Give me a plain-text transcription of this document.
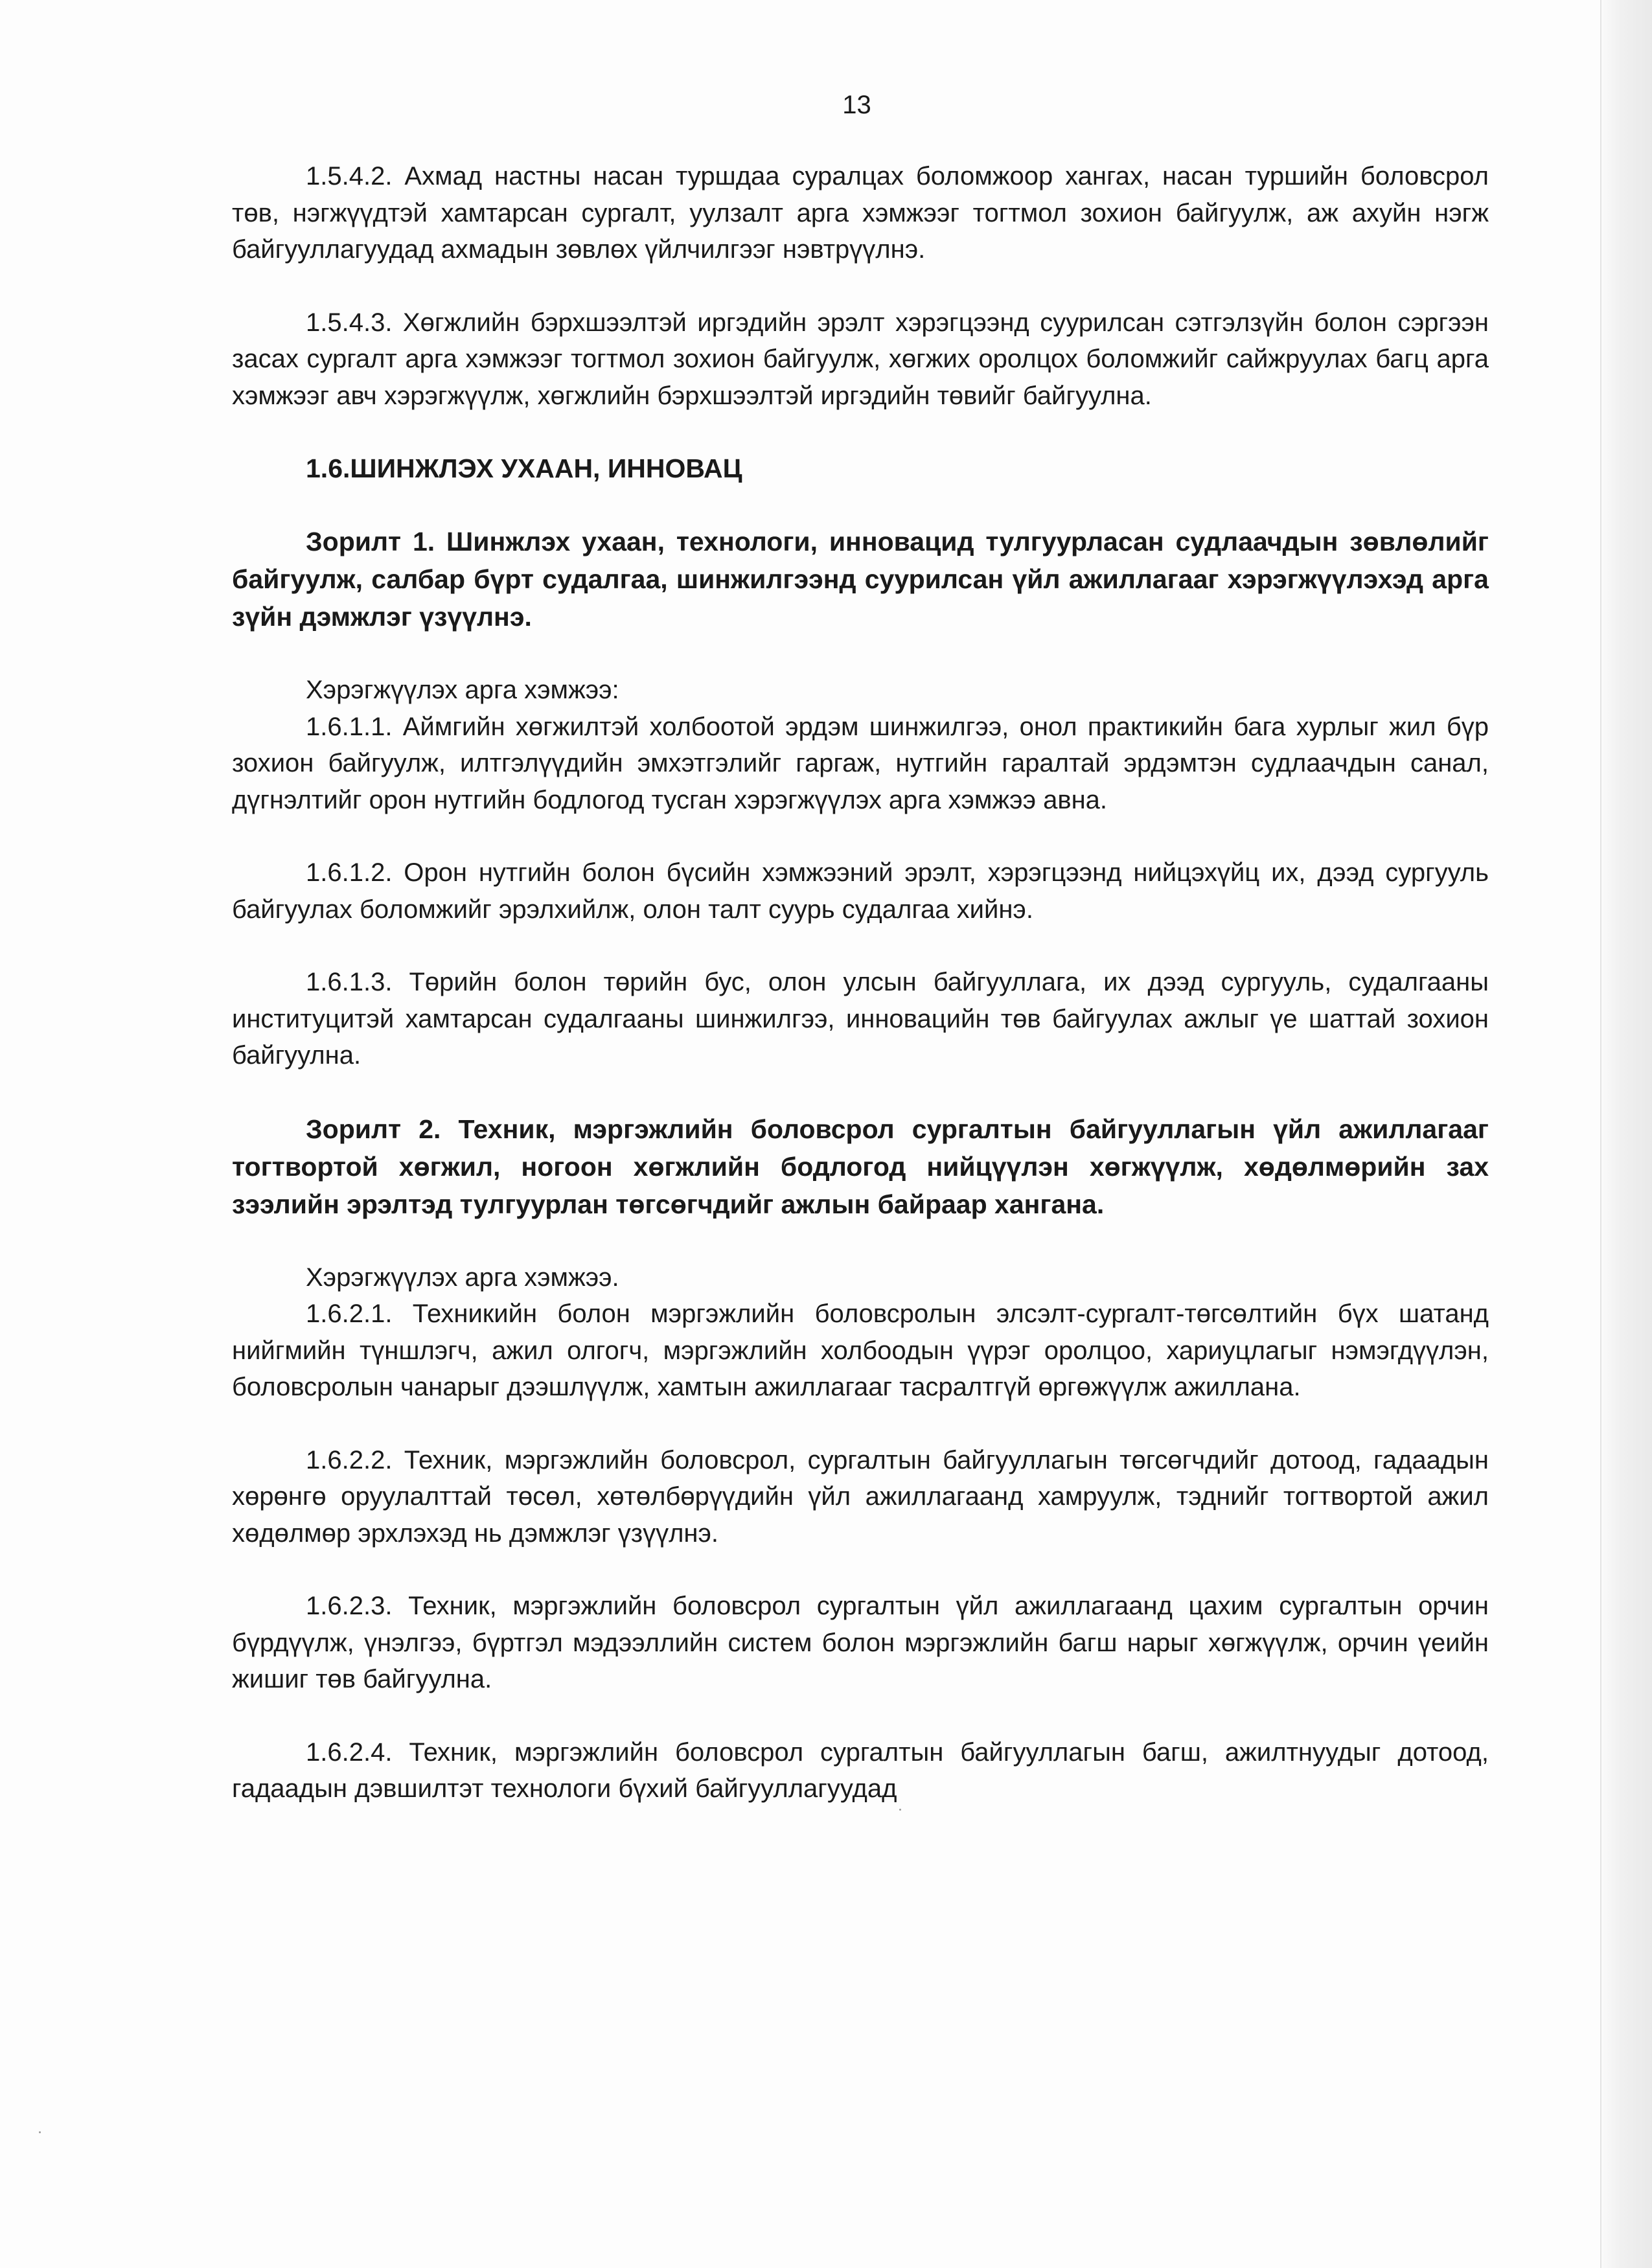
13

1.5.4.2. Ахмад настны насан туршдаа суралцах боломжоор хангах, насан туршийн боловсрол төв, нэгжүүдтэй хамтарсан сургалт, уулзалт арга хэмжээг тогтмол зохион байгуулж, аж ахуйн нэгж байгууллагуудад ахмадын зөвлөх үйлчилгээг нэвтрүүлнэ.

1.5.4.3. Хөгжлийн бэрхшээлтэй иргэдийн эрэлт хэрэгцээнд суурилсан сэтгэлзүйн болон сэргээн засах сургалт арга хэмжээг тогтмол зохион байгуулж, хөгжих оролцох боломжийг сайжруулах багц арга хэмжээг авч хэрэгжүүлж, хөгжлийн бэрхшээлтэй иргэдийн төвийг байгуулна.

1.6.ШИНЖЛЭХ УХААН, ИННОВАЦ

Зорилт 1. Шинжлэх ухаан, технологи, инновацид тулгуурласан судлаачдын зөвлөлийг байгуулж, салбар бүрт судалгаа, шинжилгээнд суурилсан үйл ажиллагааг хэрэгжүүлэхэд арга зүйн дэмжлэг үзүүлнэ.

Хэрэгжүүлэх арга хэмжээ:

1.6.1.1. Аймгийн хөгжилтэй холбоотой эрдэм шинжилгээ, онол практикийн бага хурлыг жил бүр зохион байгуулж, илтгэлүүдийн эмхэтгэлийг гаргаж, нутгийн гаралтай эрдэмтэн судлаачдын санал, дүгнэлтийг орон нутгийн бодлогод тусган хэрэгжүүлэх арга хэмжээ авна.

1.6.1.2. Орон нутгийн болон бүсийн хэмжээний эрэлт, хэрэгцээнд нийцэхүйц их, дээд сургууль байгуулах боломжийг эрэлхийлж, олон талт суурь судалгаа хийнэ.

1.6.1.3. Төрийн болон төрийн бус, олон улсын байгууллага, их дээд сургууль, судалгааны институцитэй хамтарсан судалгааны шинжилгээ, инновацийн төв байгуулах ажлыг үе шаттай зохион байгуулна.

Зорилт 2. Техник, мэргэжлийн боловсрол сургалтын байгууллагын үйл ажиллагааг тогтвортой хөгжил, ногоон хөгжлийн бодлогод нийцүүлэн хөгжүүлж, хөдөлмөрийн зах зээлийн эрэлтэд тулгуурлан төгсөгчдийг ажлын байраар хангана.

Хэрэгжүүлэх арга хэмжээ.

1.6.2.1. Техникийн болон мэргэжлийн боловсролын элсэлт-сургалт-төгсөлтийн бүх шатанд нийгмийн түншлэгч, ажил олгогч, мэргэжлийн холбоодын үүрэг оролцоо, хариуцлагыг нэмэгдүүлэн, боловсролын чанарыг дээшлүүлж, хамтын ажиллагааг тасралтгүй өргөжүүлж ажиллана.

1.6.2.2. Техник, мэргэжлийн боловсрол, сургалтын байгууллагын төгсөгчдийг дотоод, гадаадын хөрөнгө оруулалттай төсөл, хөтөлбөрүүдийн үйл ажиллагаанд хамруулж, тэднийг тогтвортой ажил хөдөлмөр эрхлэхэд нь дэмжлэг үзүүлнэ.

1.6.2.3. Техник, мэргэжлийн боловсрол сургалтын үйл ажиллагаанд цахим сургалтын орчин бүрдүүлж, үнэлгээ, бүртгэл мэдээллийн систем болон мэргэжлийн багш нарыг хөгжүүлж, орчин үеийн жишиг төв байгуулна.

1.6.2.4. Техник, мэргэжлийн боловсрол сургалтын байгууллагын багш, ажилтнуудыг дотоод, гадаадын дэвшилтэт технологи бүхий байгууллагуудад
